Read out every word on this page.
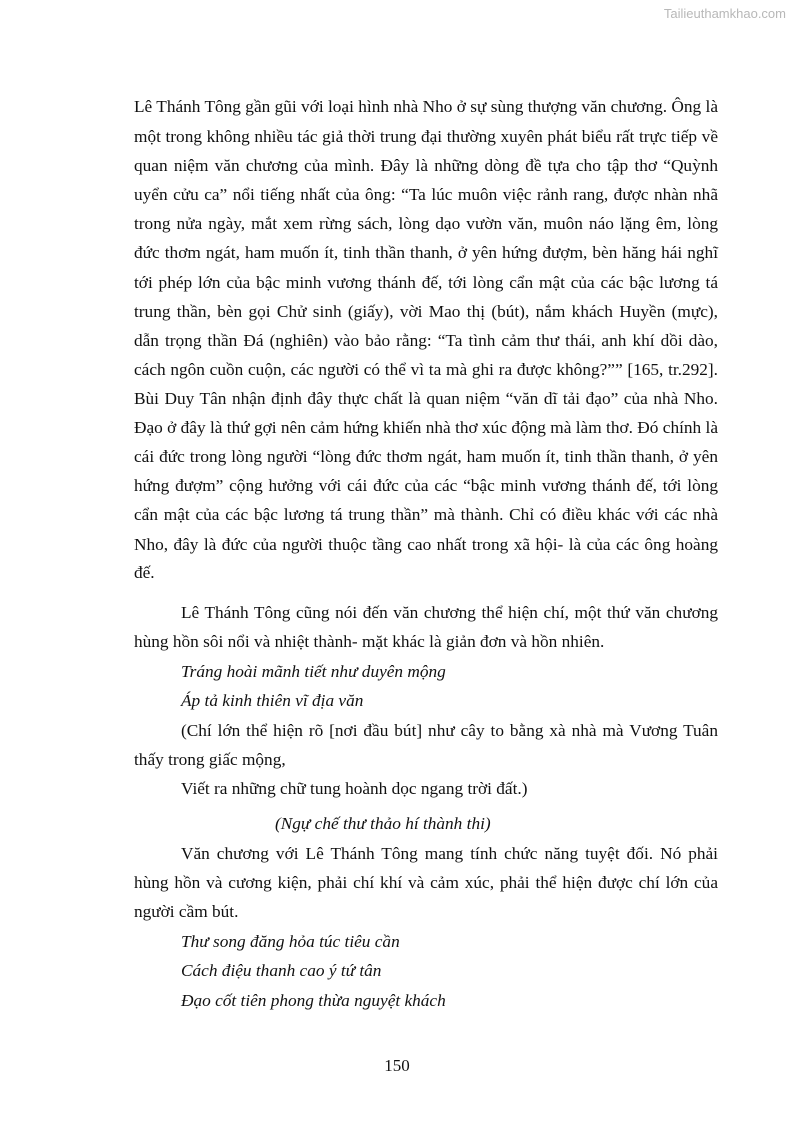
Tailieuthamkhao.com
Lê Thánh Tông gần gũi với loại hình nhà Nho ở sự sùng thượng văn chương. Ông là
một trong không nhiều tác giả thời trung đại thường xuyên phát biểu rất trực tiếp về
quan niệm văn chương của mình. Đây là những dòng đề tựa cho tập thơ “Quỳnh
uyển cửu ca” nổi tiếng nhất của ông: “Ta lúc muôn việc rảnh rang, được nhàn nhã
trong nửa ngày, mắt xem rừng sách, lòng dạo vườn văn, muôn náo lặng êm, lòng
đức thơm ngát, ham muốn ít, tinh thần thanh, ở yên hứng đượm, bèn hăng hái nghĩ
tới phép lớn của bậc minh vương thánh đế, tới lòng cẩn mật của các bậc lương tá
trung thần, bèn gọi Chử sinh (giấy), vời Mao thị (bút), nắm khách Huyền (mực),
dẫn trọng thần Đá (nghiên) vào bảo rằng: “Ta tình cảm thư thái, anh khí dồi dào,
cách ngôn cuồn cuộn, các người có thể vì ta mà ghi ra được không?”” [165, tr.292].
Bùi Duy Tân nhận định đây thực chất là quan niệm “văn dĩ tải đạo” của nhà Nho.
Đạo ở đây là thứ gợi nên cảm hứng khiến nhà thơ xúc động mà làm thơ. Đó chính là
cái đức trong lòng người “lòng đức thơm ngát, ham muốn ít, tinh thần thanh, ở yên
hứng đượm” cộng hưởng với cái đức của các “bậc minh vương thánh đế, tới lòng
cẩn mật của các bậc lương tá trung thần” mà thành. Chỉ có điều khác với các nhà
Nho, đây là đức của người thuộc tầng cao nhất trong xã hội- là của các ông hoàng
đế.
Lê Thánh Tông cũng nói đến văn chương thể hiện chí, một thứ văn chương
hùng hồn sôi nổi và nhiệt thành- mặt khác là giản đơn và hồn nhiên.
Tráng hoài mãnh tiết như duyên mộng
Áp tả kinh thiên vĩ địa văn
(Chí lớn thể hiện rõ [nơi đầu bút] như cây to bằng xà nhà mà Vương Tuân
thấy trong giấc mộng,
Viết ra những chữ tung hoành dọc ngang trời đất.)
(Ngự chế thư thảo hí thành thi)
Văn chương với Lê Thánh Tông mang tính chức năng tuyệt đối. Nó phải
hùng hồn và cương kiện, phải chí khí và cảm xúc, phải thể hiện được chí lớn của
người cầm bút.
Thư song đăng hỏa túc tiêu cần
Cách điệu thanh cao ý tứ tân
Đạo cốt tiên phong thừa nguyệt khách
150
